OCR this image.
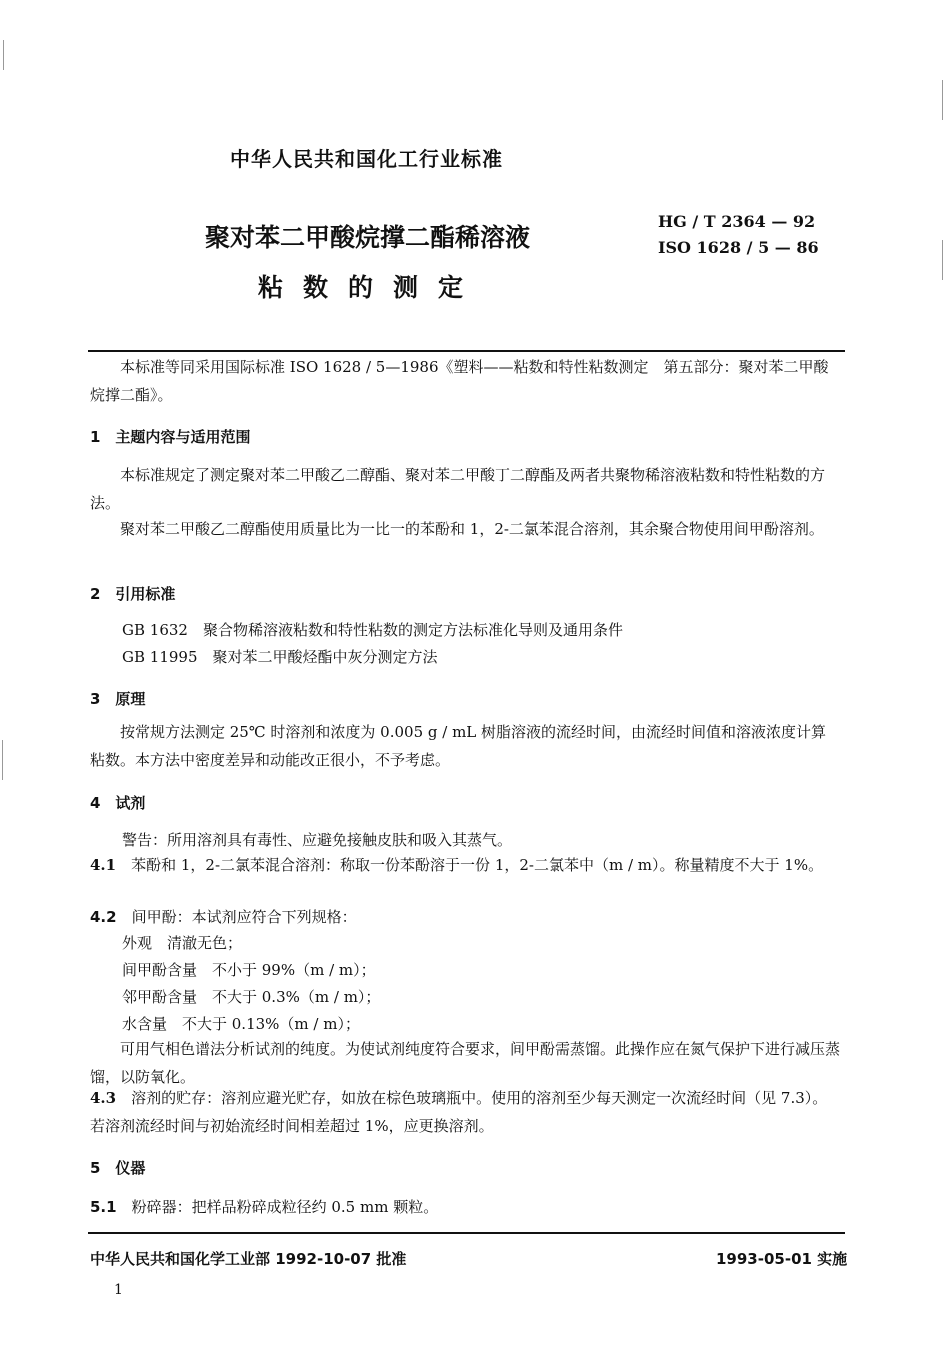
中华人民共和国化工行业标准
聚对苯二甲酸烷撑二酯稀溶液
粘数的测定
HG / T 2364 — 92
ISO 1628 / 5 — 86
本标准等同采用国际标准 ISO 1628 / 5—1986《塑料——粘数和特性粘数测定　第五部分：聚对苯二甲酸烷撑二酯》。
1　主题内容与适用范围
本标准规定了测定聚对苯二甲酸乙二醇酯、聚对苯二甲酸丁二醇酯及两者共聚物稀溶液粘数和特性粘数的方法。
聚对苯二甲酸乙二醇酯使用质量比为一比一的苯酚和 1，2-二氯苯混合溶剂，其余聚合物使用间甲酚溶剂。
2　引用标准
GB 1632　聚合物稀溶液粘数和特性粘数的测定方法标准化导则及通用条件
GB 11995　聚对苯二甲酸烃酯中灰分测定方法
3　原理
按常规方法测定 25℃ 时溶剂和浓度为 0.005 g / mL 树脂溶液的流经时间，由流经时间值和溶液浓度计算粘数。本方法中密度差异和动能改正很小，不予考虑。
4　试剂
警告：所用溶剂具有毒性、应避免接触皮肤和吸入其蒸气。
4.1　 苯酚和 1，2-二氯苯混合溶剂：称取一份苯酚溶于一份 1，2-二氯苯中（m / m）。称量精度不大于 1%。
4.2　 间甲酚：本试剂应符合下列规格：
外观　清澈无色；
间甲酚含量　不小于 99%（m / m）；
邻甲酚含量　不大于 0.3%（m / m）；
水含量　不大于 0.13%（m / m）；
可用气相色谱法分析试剂的纯度。为使试剂纯度符合要求，间甲酚需蒸馏。此操作应在氮气保护下进行减压蒸馏，以防氧化。
4.3　 溶剂的贮存：溶剂应避光贮存，如放在棕色玻璃瓶中。使用的溶剂至少每天测定一次流经时间（见 7.3）。若溶剂流经时间与初始流经时间相差超过 1%，应更换溶剂。
5　仪器
5.1　 粉碎器：把样品粉碎成粒径约 0.5 mm 颗粒。
中华人民共和国化学工业部 1992-10-07 批准	1993-05-01 实施
1
